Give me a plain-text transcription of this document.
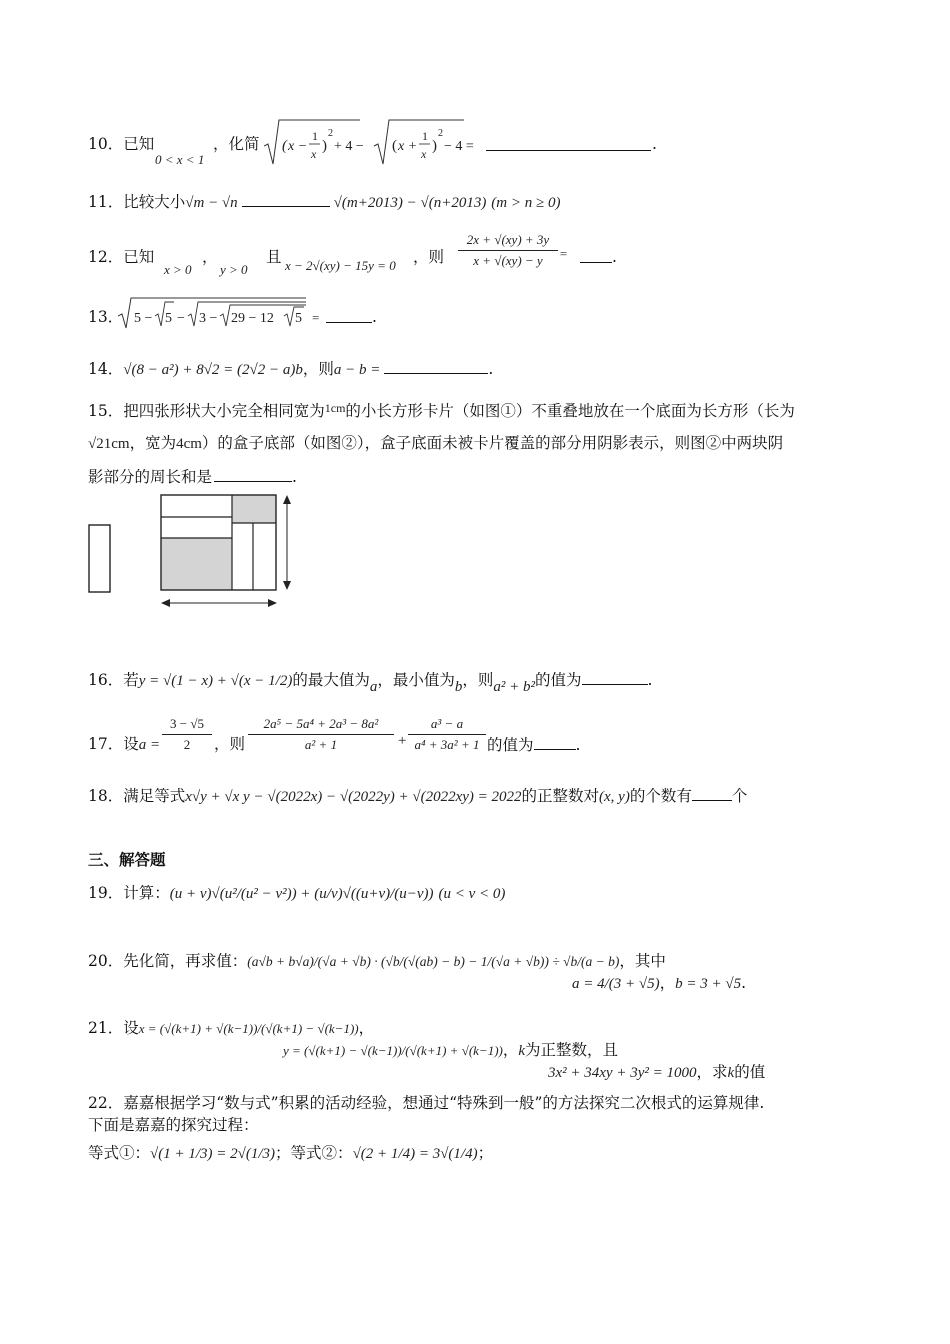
10．已知
0 < x < 1
，化简 ( x −
1
x )
2
+ 4 − ( x +
1
x )
2
− 4 =	.
11．比较大小√m − √n	√(m+2013) − √(n+2013) (m > n ≥ 0)
12．已知
x > 0
，
y > 0
且 x − 2√(xy) − 15y = 0 ，则 $\frac{2x + √(xy) + 3y}{x + √(xy) - y}$ =	.
13． 5 − 5 − 3 − 29 − 12 5 =	.
14．√(8 − a²) + 8√2 = (2√2 − a)b，则a − b =	.
15．把四张形状大小完全相同宽为$^{1cm}$的小长方形卡片（如图①）不重叠地放在一个底面为长方形（长为
√21cm，宽为4cm）的盒子底部（如图②），盒子底面未被卡片覆盖的部分用阴影表示，则图②中两块阴
影部分的周长和是	.
16．若y = √(1 − x) + √(x − 1/2)的最大值为a，最小值为b，则a² + b²的值为	.
17．设$a = \frac{3 - √5}{2}$ ，则 $\frac{\text{2a⁵ − 5a⁴ + 2a³ − 8a²}}{\text{a² + 1}} + \frac{\text{a³ − a}}{\text{a⁴ + 3a² + 1}}$ 的值为	.
18．满足等式x√y + √x y − √(2022x) − √(2022y) + √(2022xy) = 2022的正整数对(x, y)的个数有	个
三、解答题
19．计算：(u + v)√(u²/(u² − v²)) + (u/v)√((u+v)/(u−v)) (u < v < 0)
20．先化简，再求值：(a√b + b√a)/(√a + √b) · (√b/(√(ab) − b) − 1/(√a + √b)) ÷ √b/(a − b)，其中
a = 4/(3 + √5)，b = 3 + √5.
21．设x = (√(k+1) + √(k−1))/(√(k+1) − √(k−1))，
y = (√(k+1) − √(k−1))/(√(k+1) + √(k−1))，k为正整数，且
3x² + 34xy + 3y² = 1000，求k的值
22．嘉嘉根据学习“数与式”积累的活动经验，想通过“特殊到一般”的方法探究二次根式的运算规律.
下面是嘉嘉的探究过程：
等式①：√(1 + 1/3) = 2√(1/3)；等式②：√(2 + 1/4) = 3√(1/4)；
